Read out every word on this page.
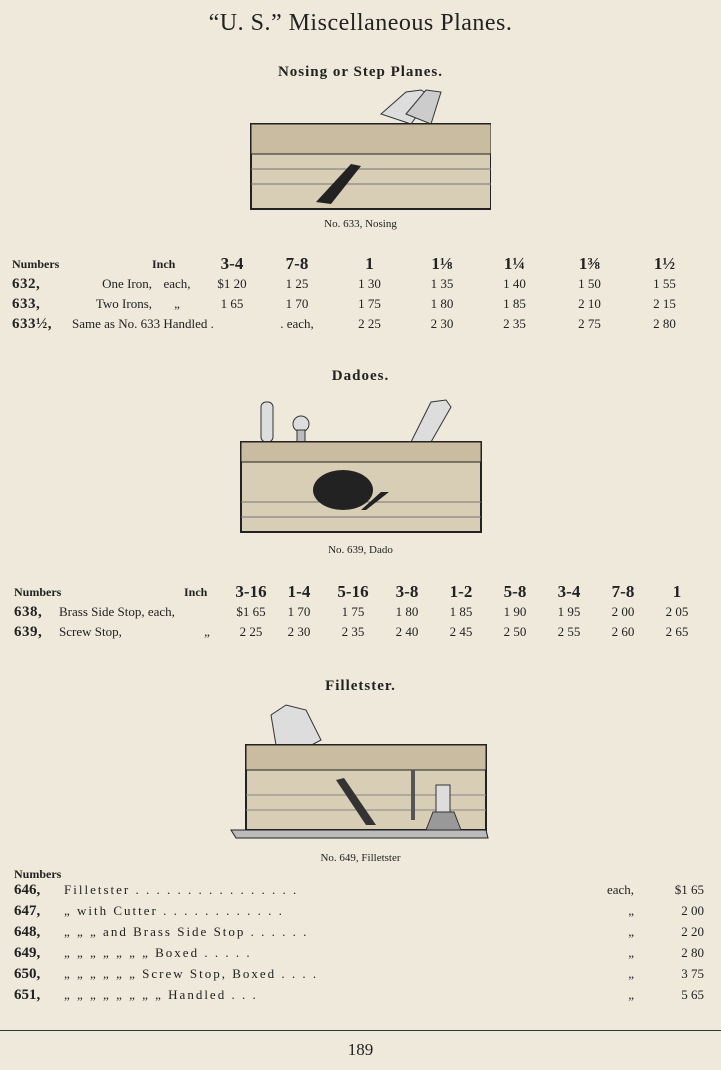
“U. S.” Miscellaneous Planes.
Nosing or Step Planes.
No. 633, Nosing
Numbers		Inch	3-4	7-8	1	1⅛	1¼	1⅜	1½
632,	One Iron,	each,	$1 20	1 25	1 30	1 35	1 40	1 50	1 55
633,	Two Irons,	„	1 65	1 70	1 75	1 80	1 85	2 10	2 15
633½,	Same as No. 633 Handled .			. each,	2 25	2 30	2 35	2 75	2 80
Dadoes.
No. 639, Dado
Numbers		Inch	3-16	1-4	5-16	3-8	1-2	5-8	3-4	7-8	1
638,	Brass Side Stop, each,		$1 65	1 70	1 75	1 80	1 85	1 90	1 95	2 00	2 05
639,	Screw Stop,	„	2 25	2 30	2 35	2 40	2 45	2 50	2 55	2 60	2 65
Filletster.
No. 649, Filletster
Numbers
646, Filletster . . . . . . . . . . . . . . . .	each,	$1 65
647, „ with Cutter . . . . . . . . . . . .	„	2 00
648, „ „ „ and Brass Side Stop . . . . . .	„	2 20
649, „ „ „ „ „ „ „ Boxed . . . . .	„	2 80
650, „ „ „ „ „ „ Screw Stop, Boxed . . . .	„	3 75
651, „ „ „ „ „ „ „ „ Handled . . .	„	5 65
189
